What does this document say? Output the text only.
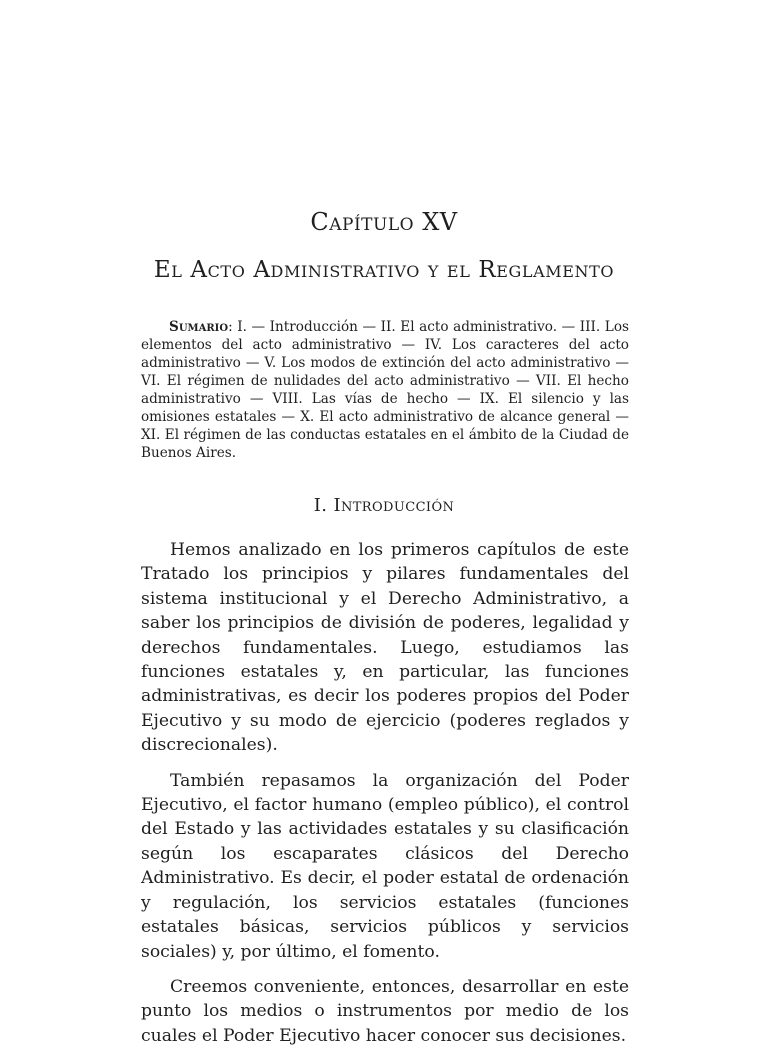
Capítulo XV
El Acto Administrativo y el Reglamento
Sumario: I. — Introducción — II. El acto administrativo. — III. Los elementos del acto administrativo — IV. Los caracteres del acto administrativo — V. Los modos de extinción del acto administrativo — VI. El régimen de nulidades del acto administrativo — VII. El hecho administrativo — VIII. Las vías de hecho — IX. El silencio y las omisiones estatales — X. El acto administrativo de alcance general — XI. El régimen de las conductas estatales en el ámbito de la Ciudad de Buenos Aires.
I. Introducción

Hemos analizado en los primeros capítulos de este Tratado los principios y pilares fundamentales del sistema institucional y el Derecho Administrativo, a saber los principios de división de poderes, legalidad y derechos fundamentales. Luego, estudiamos las funciones estatales y, en particular, las funciones administrativas, es decir los poderes propios del Poder Ejecutivo y su modo de ejercicio (poderes reglados y discrecionales).

También repasamos la organización del Poder Ejecutivo, el factor humano (empleo público), el control del Estado y las actividades estatales y su clasificación según los escaparates clásicos del Derecho Administrativo. Es decir, el poder estatal de ordenación y regulación, los servicios estatales (funciones estatales básicas, servicios públicos y servicios sociales) y, por último, el fomento.

Creemos conveniente, entonces, desarrollar en este punto los medios o instrumentos por medio de los cuales el Poder Ejecutivo hacer conocer sus decisiones.
